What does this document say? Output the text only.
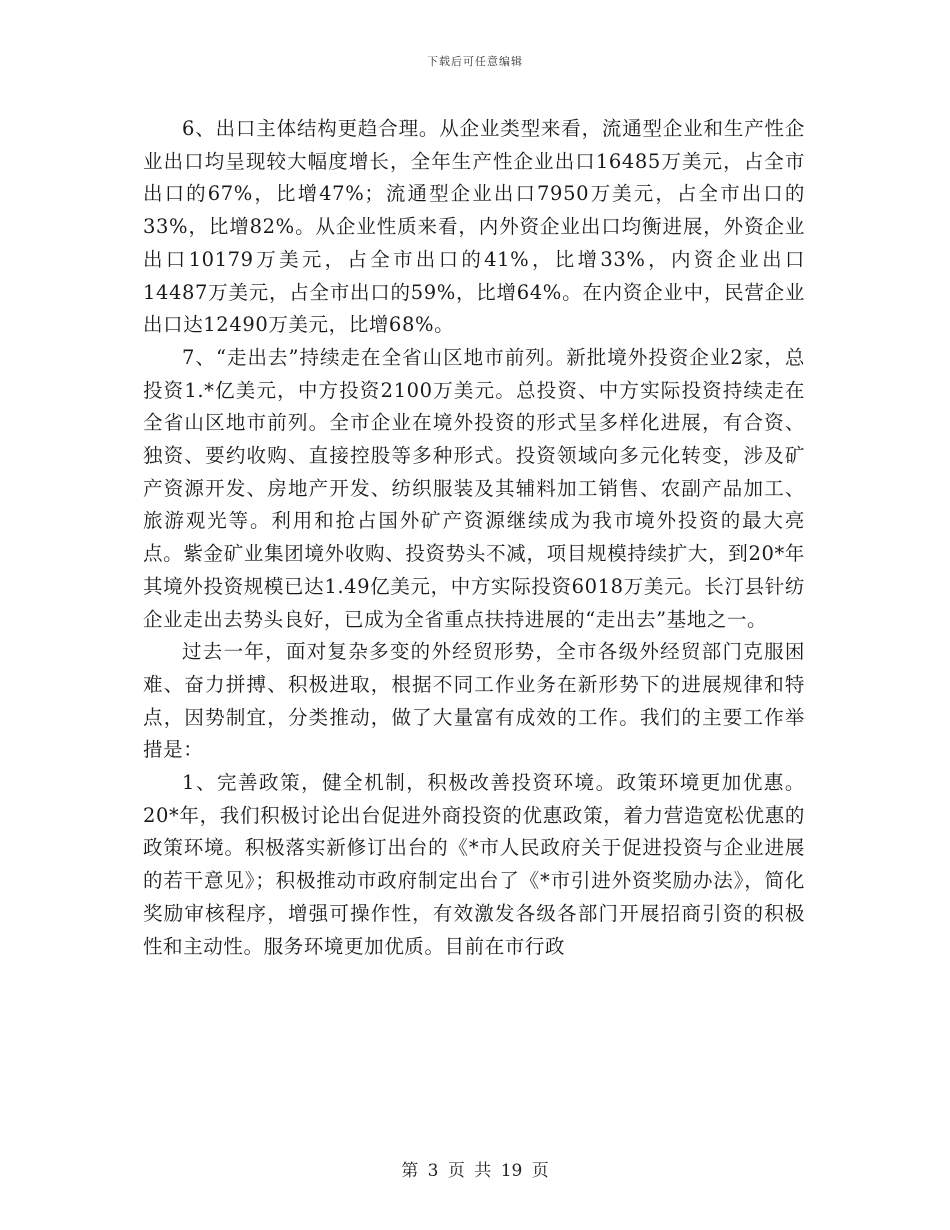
下载后可任意编辑

6、出口主体结构更趋合理。从企业类型来看，流通型企业和生产性企业出口均呈现较大幅度增长，全年生产性企业出口16485万美元，占全市出口的67%，比增47%；流通型企业出口7950万美元，占全市出口的33%，比增82%。从企业性质来看，内外资企业出口均衡进展，外资企业出口10179万美元，占全市出口的41%，比增33%，内资企业出口14487万美元，占全市出口的59%，比增64%。在内资企业中，民营企业出口达12490万美元，比增68%。

7、“走出去”持续走在全省山区地市前列。新批境外投资企业2家，总投资1.*亿美元，中方投资2100万美元。总投资、中方实际投资持续走在全省山区地市前列。全市企业在境外投资的形式呈多样化进展，有合资、独资、要约收购、直接控股等多种形式。投资领域向多元化转变，涉及矿产资源开发、房地产开发、纺织服装及其辅料加工销售、农副产品加工、旅游观光等。利用和抢占国外矿产资源继续成为我市境外投资的最大亮点。紫金矿业集团境外收购、投资势头不减，项目规模持续扩大，到20*年其境外投资规模已达1.49亿美元，中方实际投资6018万美元。长汀县针纺企业走出去势头良好，已成为全省重点扶持进展的“走出去”基地之一。

过去一年，面对复杂多变的外经贸形势，全市各级外经贸部门克服困难、奋力拼搏、积极进取，根据不同工作业务在新形势下的进展规律和特点，因势制宜，分类推动，做了大量富有成效的工作。我们的主要工作举措是：

1、完善政策，健全机制，积极改善投资环境。政策环境更加优惠。20*年，我们积极讨论出台促进外商投资的优惠政策，着力营造宽松优惠的政策环境。积极落实新修订出台的《*市人民政府关于促进投资与企业进展的若干意见》；积极推动市政府制定出台了《*市引进外资奖励办法》，简化奖励审核程序，增强可操作性，有效激发各级各部门开展招商引资的积极性和主动性。服务环境更加优质。目前在市行政

第 3 页 共 19 页
